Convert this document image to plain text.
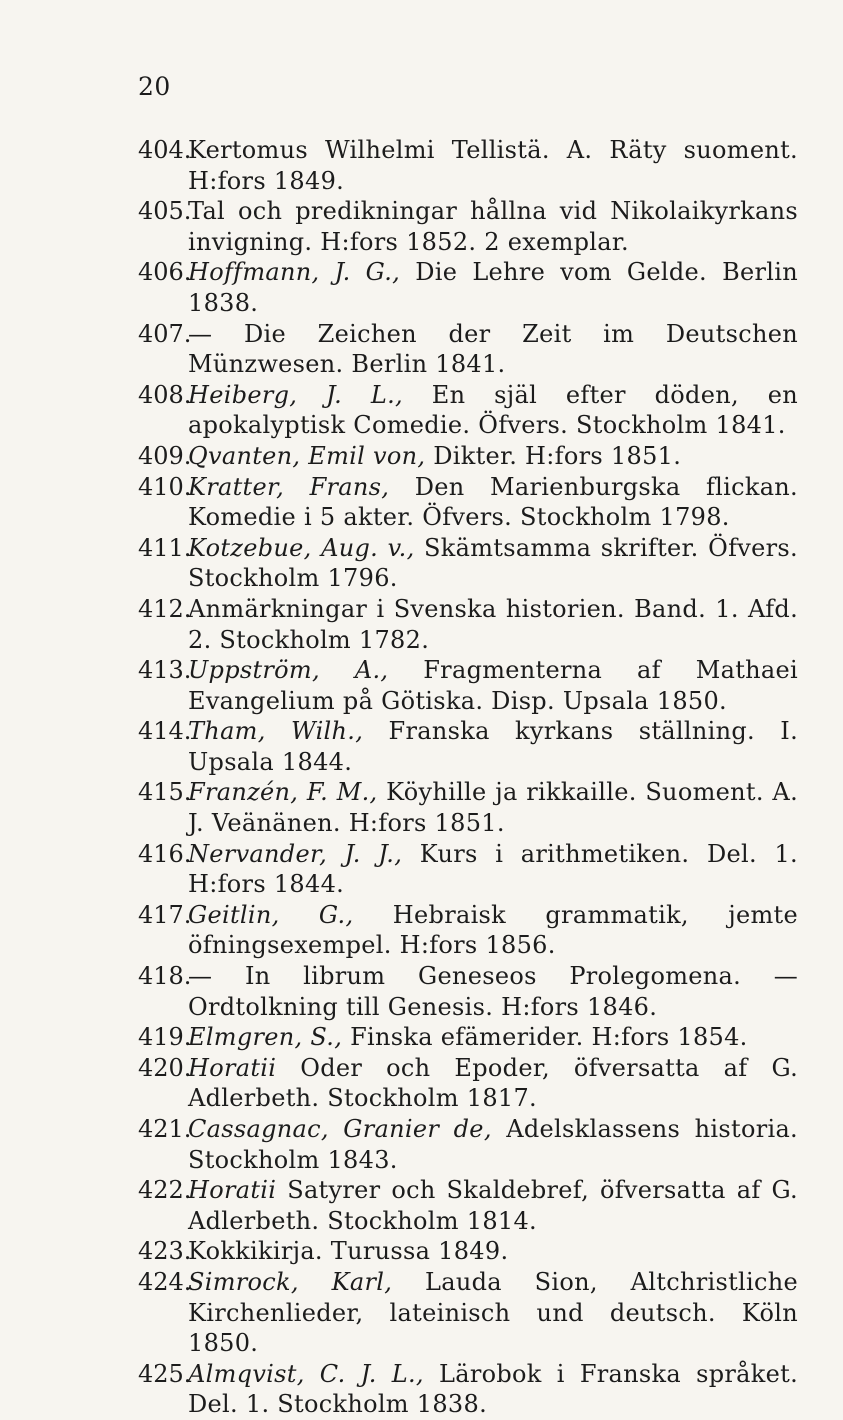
20
404.
Kertomus Wilhelmi Tellistä. A. Räty suoment. H:fors 1849.
405.
Tal och predikningar hållna vid Nikolaikyrkans invigning. H:fors 1852. 2 exemplar.
406.
Hoffmann, J. G., Die Lehre vom Gelde. Berlin 1838.
407.
— Die Zeichen der Zeit im Deutschen Münzwesen. Berlin 1841.
408.
Heiberg, J. L., En själ efter döden, en apokalyptisk Comedie. Öfvers. Stockholm 1841.
409.
Qvanten, Emil von, Dikter. H:fors 1851.
410.
Kratter, Frans, Den Marienburgska flickan. Komedie i 5 akter. Öfvers. Stockholm 1798.
411.
Kotzebue, Aug. v., Skämtsamma skrifter. Öfvers. Stockholm 1796.
412.
Anmärkningar i Svenska historien. Band. 1. Afd. 2. Stockholm 1782.
413.
Uppström, A., Fragmenterna af Mathaei Evangelium på Götiska. Disp. Upsala 1850.
414.
Tham, Wilh., Franska kyrkans ställning. I. Upsala 1844.
415.
Franzén, F. M., Köyhille ja rikkaille. Suoment. A. J. Veänänen. H:fors 1851.
416.
Nervander, J. J., Kurs i arithmetiken. Del. 1. H:fors 1844.
417.
Geitlin, G., Hebraisk grammatik, jemte öfningsexempel. H:fors 1856.
418.
— In librum Geneseos Prolegomena. — Ordtolkning till Genesis. H:fors 1846.
419.
Elmgren, S., Finska efämerider. H:fors 1854.
420.
Horatii Oder och Epoder, öfversatta af G. Adlerbeth. Stockholm 1817.
421.
Cassagnac, Granier de, Adelsklassens historia. Stockholm 1843.
422.
Horatii Satyrer och Skaldebref, öfversatta af G. Adlerbeth. Stockholm 1814.
423.
Kokkikirja. Turussa 1849.
424.
Simrock, Karl, Lauda Sion, Altchristliche Kirchenlieder, lateinisch und deutsch. Köln 1850.
425.
Almqvist, C. J. L., Lärobok i Franska språket. Del. 1. Stockholm 1838.
